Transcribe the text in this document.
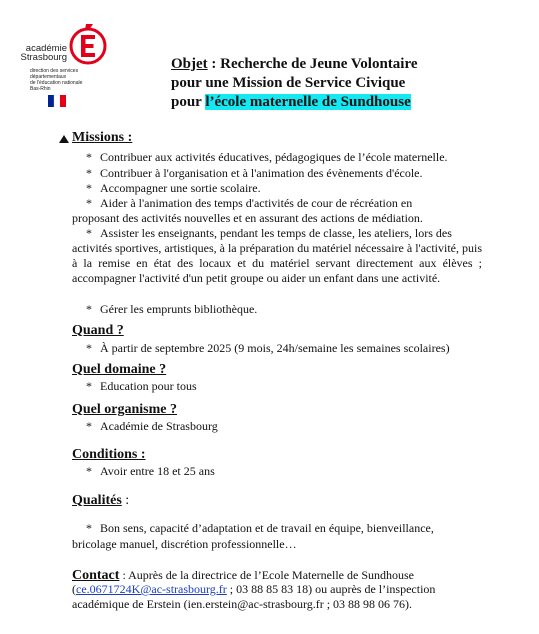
académie
Strasbourg
direction des services
départementaux
de l'éducation nationale
Bas-Rhin
Objet : Recherche de Jeune Volontaire
pour une Mission de Service Civique
pour l’école maternelle de Sundhouse
Missions :
* Contribuer aux activités éducatives, pédagogiques de l’école maternelle.
* Contribuer à l'organisation et à l'animation des évènements d'école.
* Accompagner une sortie scolaire.
* Aider à l'animation des temps d'activités de cour de récréation en
proposant des activités nouvelles et en assurant des actions de médiation.
* Assister les enseignants, pendant les temps de classe, les ateliers, lors des
activités sportives, artistiques, à la préparation du matériel nécessaire à l'activité, puis à la remise en état des locaux et du matériel servant directement aux élèves ; accompagner l'activité d'un petit groupe ou aider un enfant dans une activité.
* Gérer les emprunts bibliothèque.
Quand ?
* À partir de septembre 2025 (9 mois, 24h/semaine les semaines scolaires)
Quel domaine ?
* Education pour tous
Quel organisme ?
* Académie de Strasbourg
Conditions :
* Avoir entre 18 et 25 ans
Qualités :
* Bon sens, capacité d’adaptation et de travail en équipe, bienveillance,
bricolage manuel, discrétion professionnelle…
Contact : Auprès de la directrice de l’Ecole Maternelle de Sundhouse
(ce.0671724K@ac-strasbourg.fr ; 03 88 85 83 18) ou auprès de l’inspection
académique de Erstein (ien.erstein@ac-strasbourg.fr ; 03 88 98 06 76).
